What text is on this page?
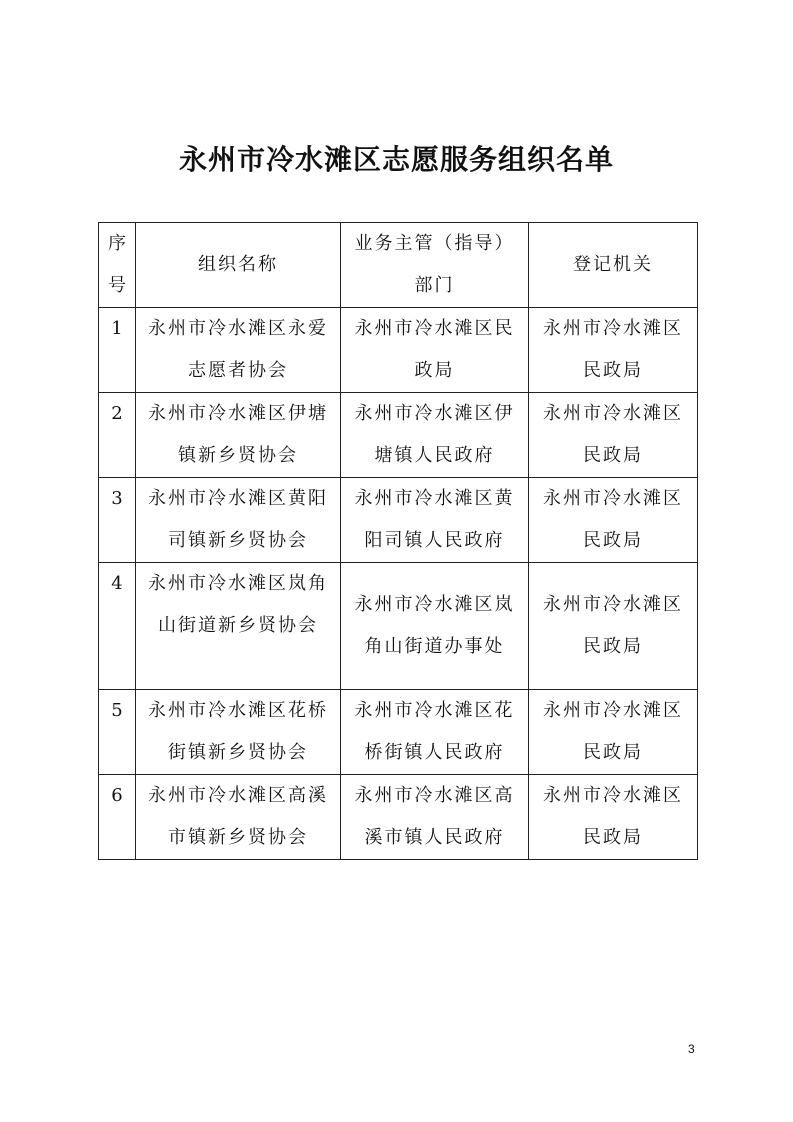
永州市冷水滩区志愿服务组织名单
序号	组织名称	业务主管（指导）部门	登记机关
1	永州市冷水滩区永爱志愿者协会	永州市冷水滩区民政局	永州市冷水滩区民政局
2	永州市冷水滩区伊塘镇新乡贤协会	永州市冷水滩区伊塘镇人民政府	永州市冷水滩区民政局
3	永州市冷水滩区黄阳司镇新乡贤协会	永州市冷水滩区黄阳司镇人民政府	永州市冷水滩区民政局
4	永州市冷水滩区岚角山街道新乡贤协会	永州市冷水滩区岚角山街道办事处	永州市冷水滩区民政局
5	永州市冷水滩区花桥街镇新乡贤协会	永州市冷水滩区花桥街镇人民政府	永州市冷水滩区民政局
6	永州市冷水滩区高溪市镇新乡贤协会	永州市冷水滩区高溪市镇人民政府	永州市冷水滩区民政局
3
